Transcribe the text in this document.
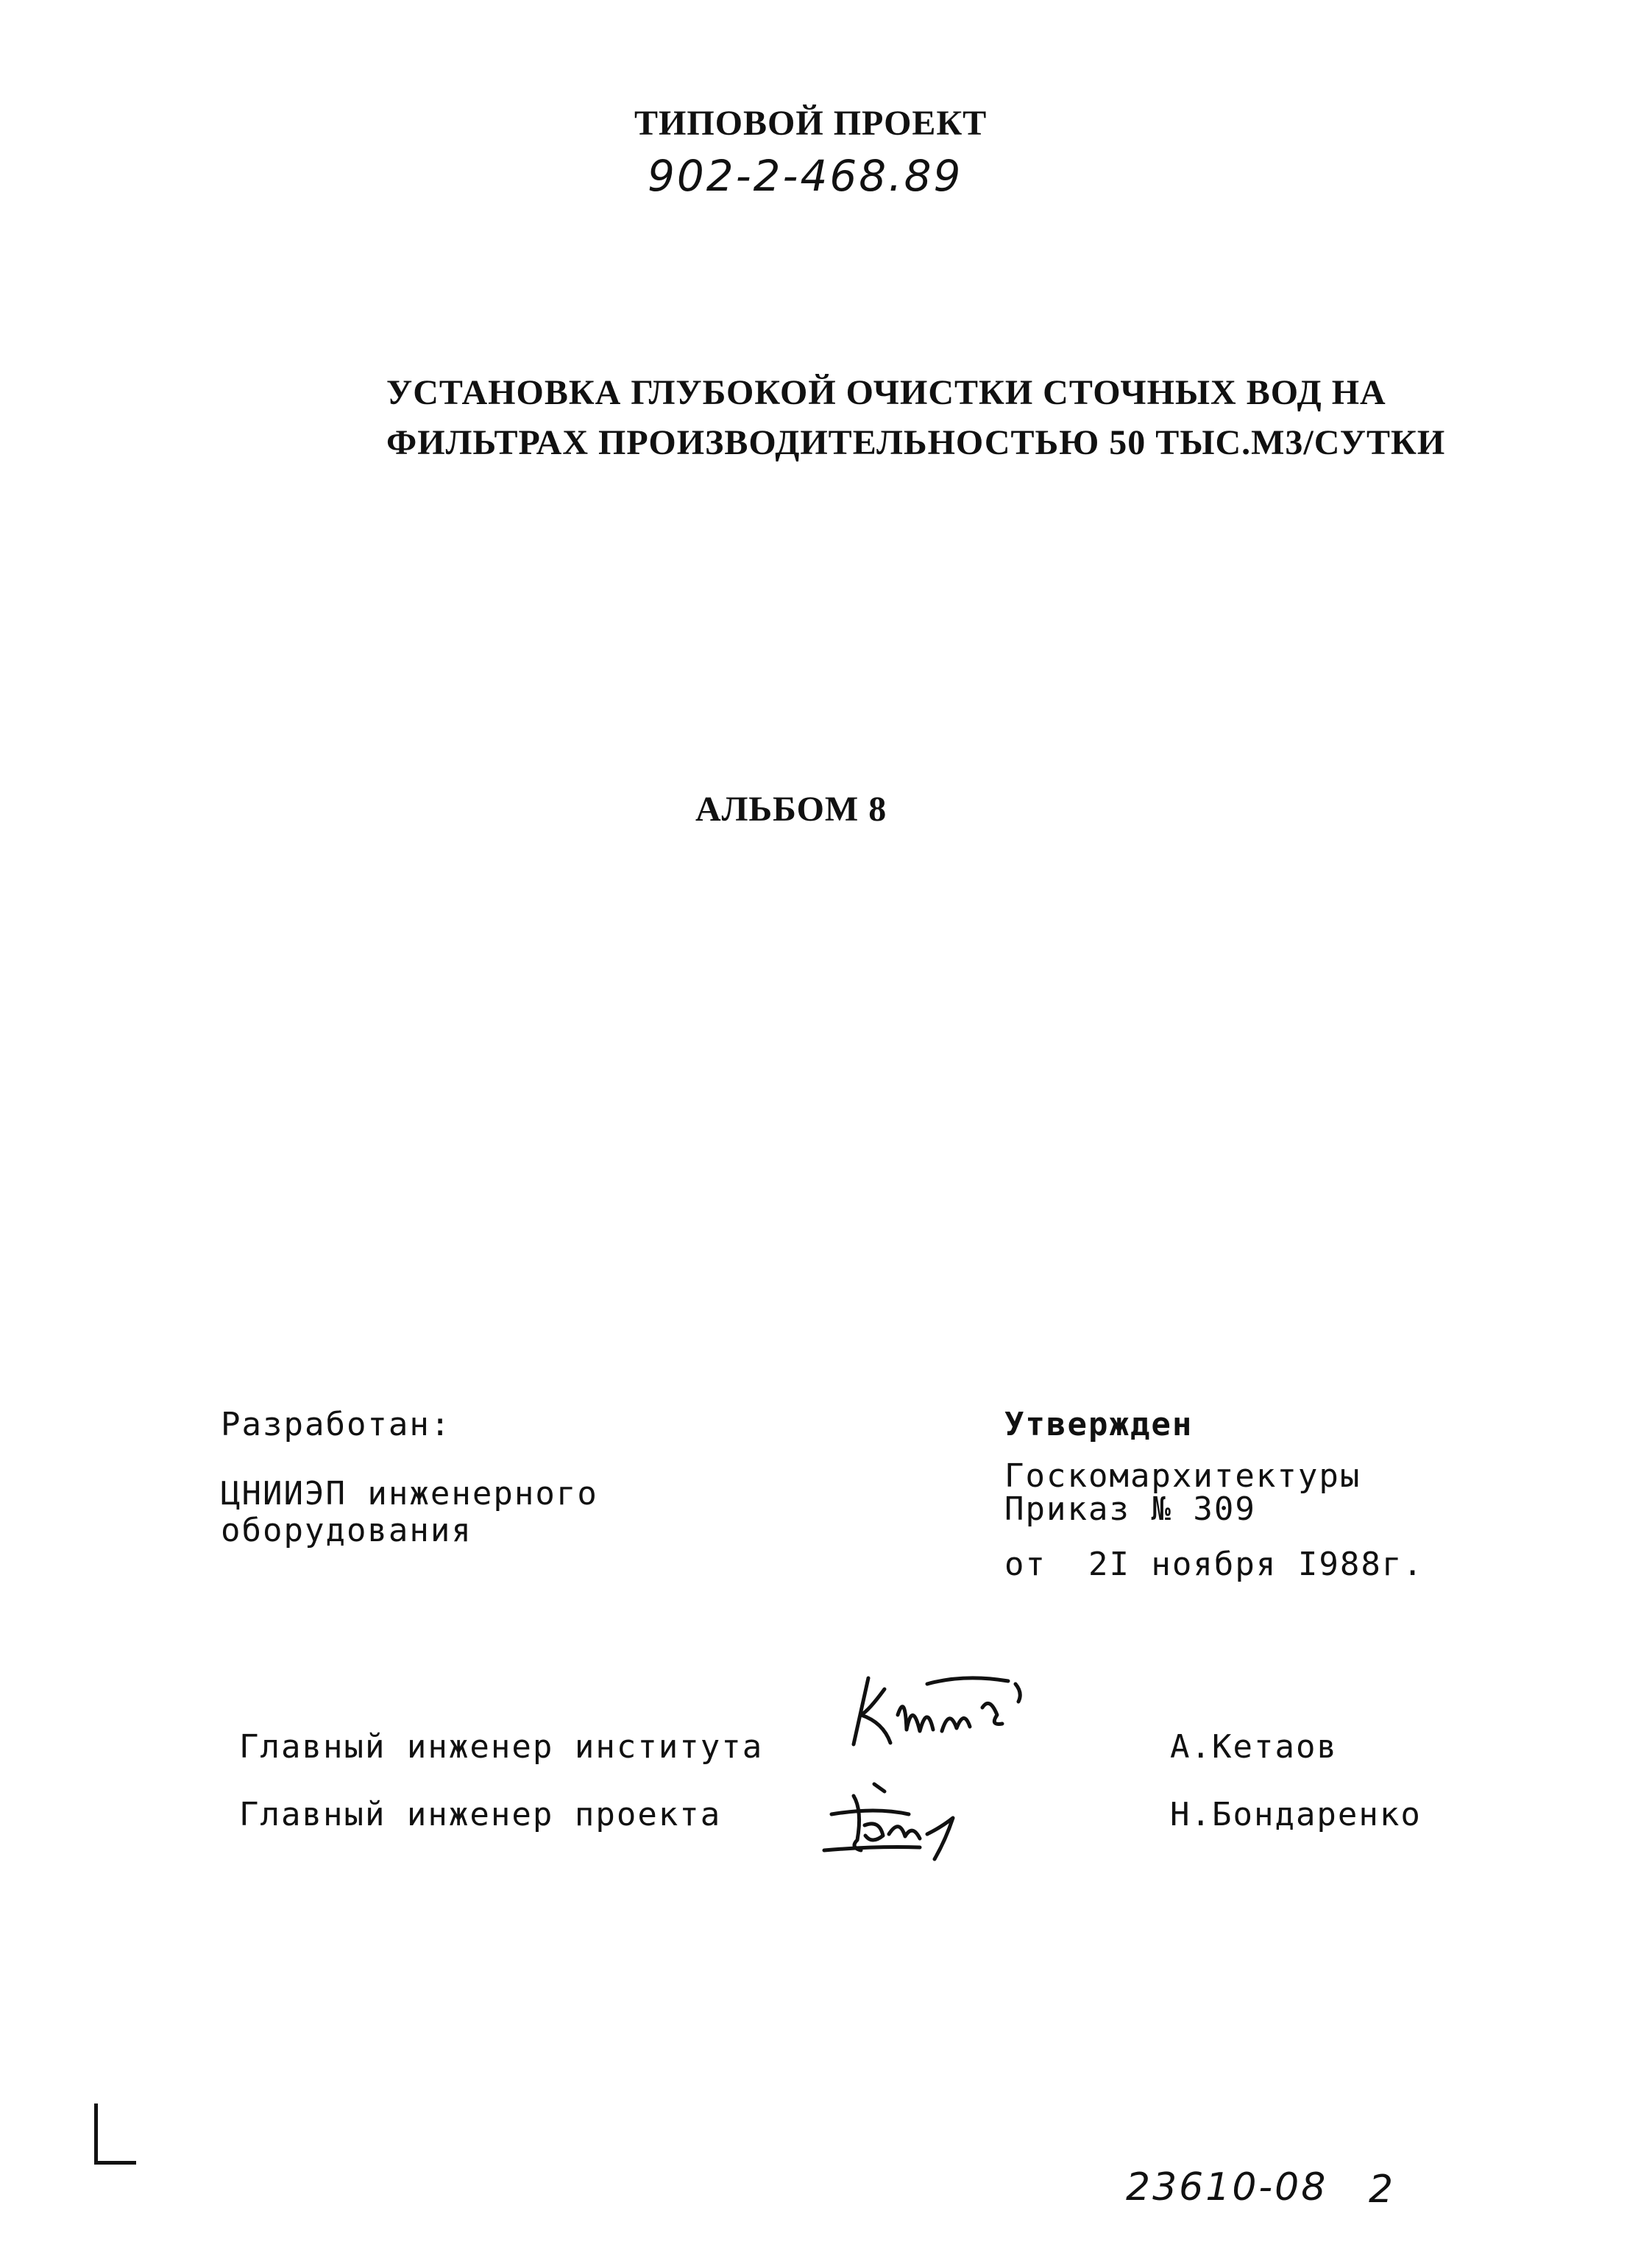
ТИПОВОЙ ПРОЕКТ
902-2-468.89
УСТАНОВКА ГЛУБОКОЙ ОЧИСТКИ СТОЧНЫХ ВОД НА
ФИЛЬТРАХ ПРОИЗВОДИТЕЛЬНОСТЬЮ 50 ТЫС.М3/СУТКИ
АЛЬБОМ 8
Разработан:
ЦНИИЭП инженерного
оборудования
Утвержден
Госкомархитектуры
Приказ № 309
от  2I ноября I988г.
Главный инженер института	А.Кетаов
Главный инженер проекта	Н.Бондаренко
23610-08 2
